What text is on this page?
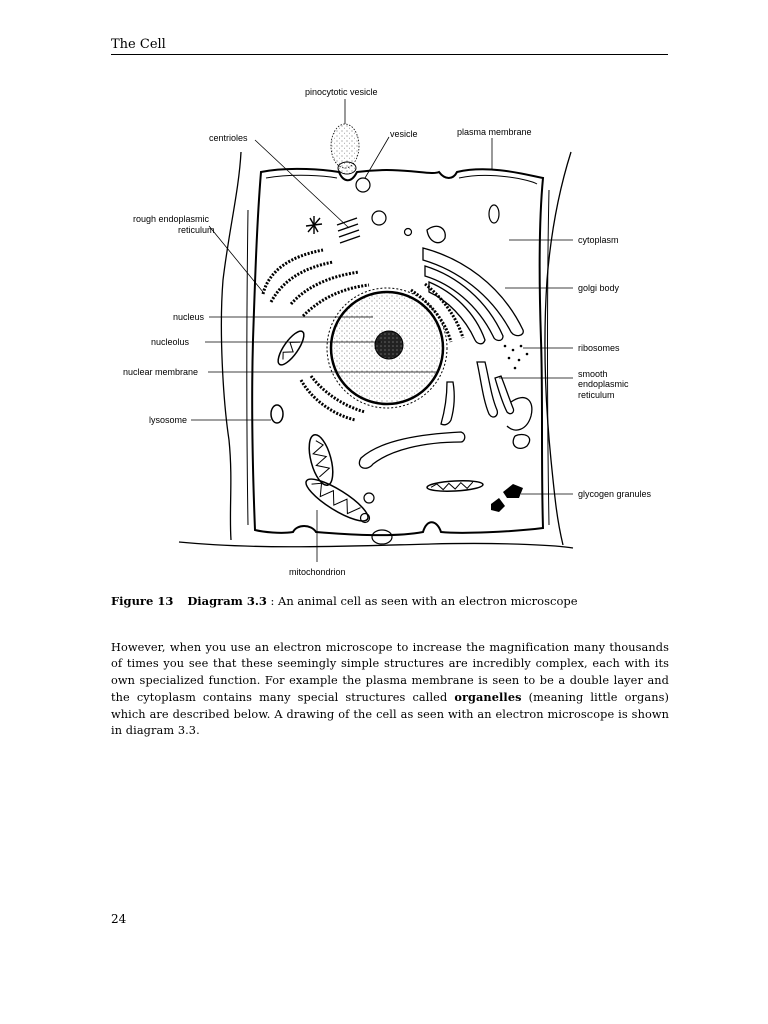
The Cell
pinocytotic vesicle
centrioles	vesicle	plasma membrane
rough endoplasmic reticulum
cytoplasm
golgi body
nucleus
nucleolus
ribosomes
nuclear membrane	smooth endoplasmic reticulum
lysosome
glycogen granules
mitochondrion
Figure 13 Diagram 3.3 : An animal cell as seen with an electron microscope

However, when you use an electron microscope to increase the magnification many thousands of times you see that these seemingly simple structures are incredibly complex, each with its own specialized function. For example the plasma membrane is seen to be a double layer and the cytoplasm contains many special structures called organelles (meaning little organs) which are described below. A drawing of the cell as seen with an electron microscope is shown in diagram 3.3.

24
